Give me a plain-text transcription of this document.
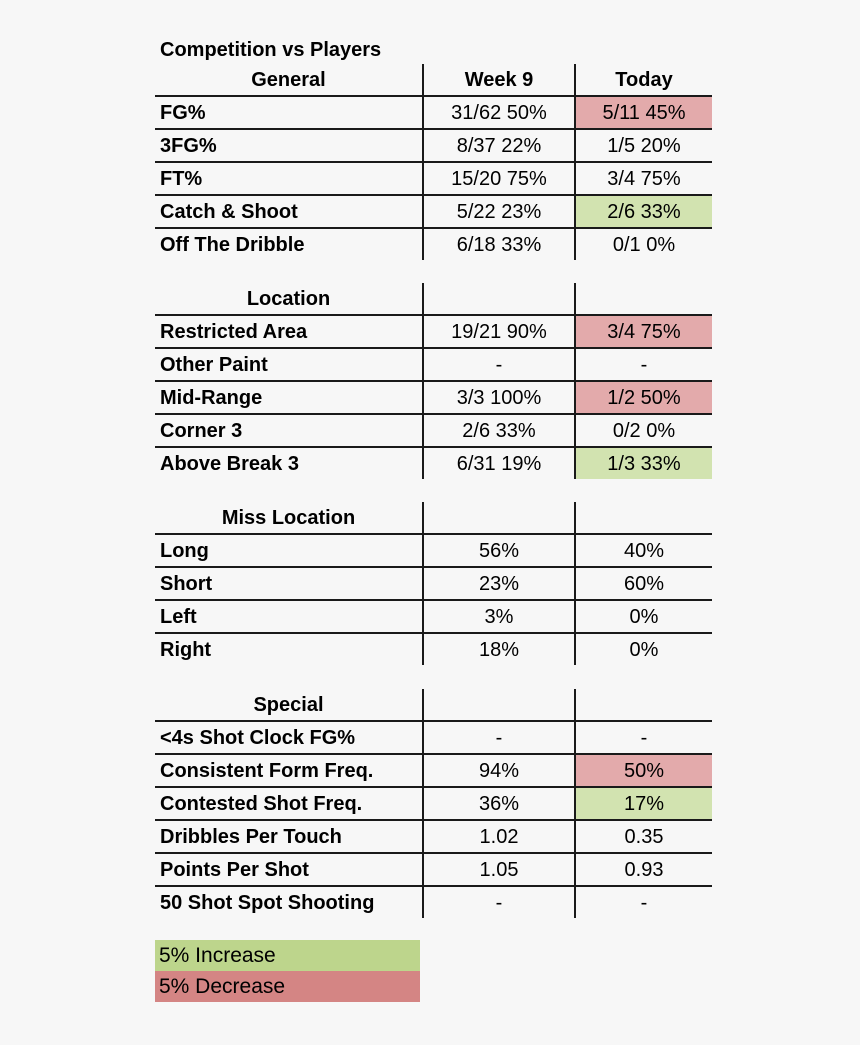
Competition vs Players
General	Week 9	Today
FG%	31/62 50%	5/11 45%
3FG%	8/37 22%	1/5 20%
FT%	15/20 75%	3/4 75%
Catch & Shoot	5/22 23%	2/6 33%
Off The Dribble	6/18 33%	0/1 0%
Location		
Restricted Area	19/21 90%	3/4 75%
Other Paint	-	-
Mid-Range	3/3 100%	1/2 50%
Corner 3	2/6 33%	0/2 0%
Above Break 3	6/31 19%	1/3 33%
Miss Location		
Long	56%	40%
Short	23%	60%
Left	3%	0%
Right	18%	0%
Special		
<4s Shot Clock FG%	-	-
Consistent Form Freq.	94%	50%
Contested Shot Freq.	36%	17%
Dribbles Per Touch	1.02	0.35
Points Per Shot	1.05	0.93
50 Shot Spot Shooting	-	-
5% Increase
5% Decrease
